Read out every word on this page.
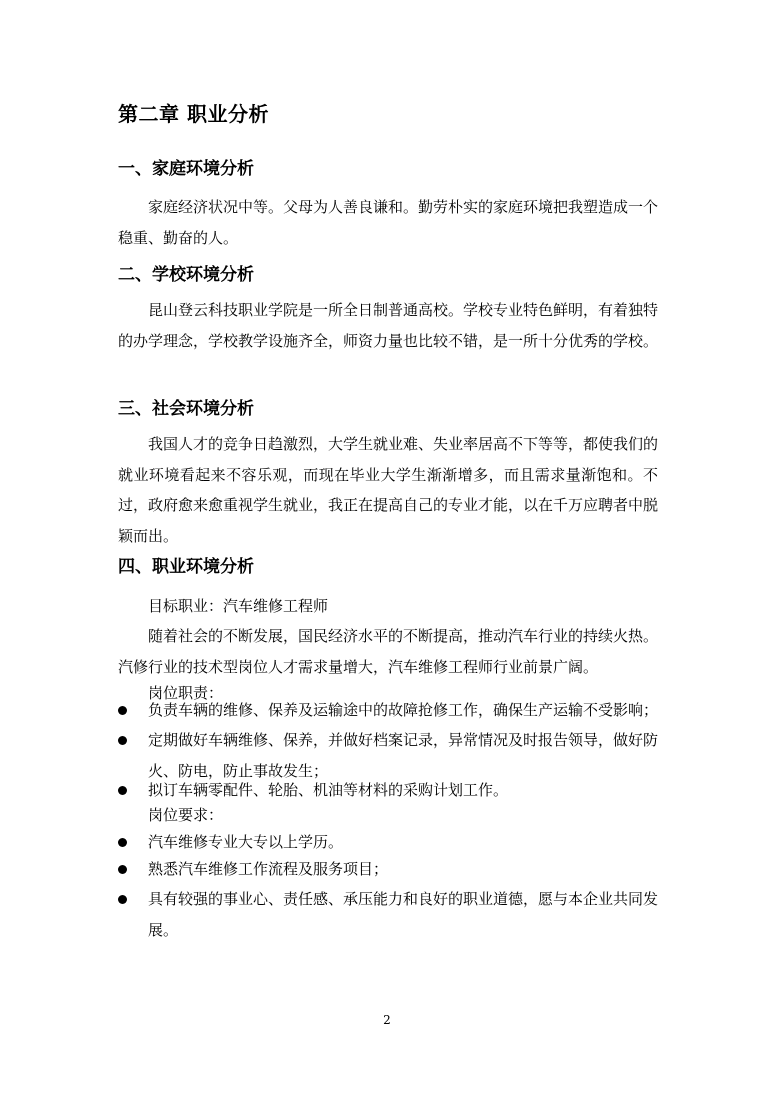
第二章 职业分析
一、家庭环境分析

家庭经济状况中等。父母为人善良谦和。勤劳朴实的家庭环境把我塑造成一个稳重、勤奋的人。

二、学校环境分析

昆山登云科技职业学院是一所全日制普通高校。学校专业特色鲜明，有着独特的办学理念，学校教学设施齐全，师资力量也比较不错，是一所十分优秀的学校。

三、社会环境分析

我国人才的竞争日趋激烈，大学生就业难、失业率居高不下等等，都使我们的就业环境看起来不容乐观，而现在毕业大学生渐渐增多，而且需求量渐饱和。不过，政府愈来愈重视学生就业，我正在提高自己的专业才能，以在千万应聘者中脱颖而出。

四、职业环境分析
目标职业：汽车维修工程师

随着社会的不断发展，国民经济水平的不断提高，推动汽车行业的持续火热。汽修行业的技术型岗位人才需求量增大，汽车维修工程师行业前景广阔。

岗位职责：
负责车辆的维修、保养及运输途中的故障抢修工作，确保生产运输不受影响；
定期做好车辆维修、保养，并做好档案记录，异常情况及时报告领导，做好防火、防电，防止事故发生；
拟订车辆零配件、轮胎、机油等材料的采购计划工作。
岗位要求：
汽车维修专业大专以上学历。
熟悉汽车维修工作流程及服务项目；
具有较强的事业心、责任感、承压能力和良好的职业道德，愿与本企业共同发展。
2
